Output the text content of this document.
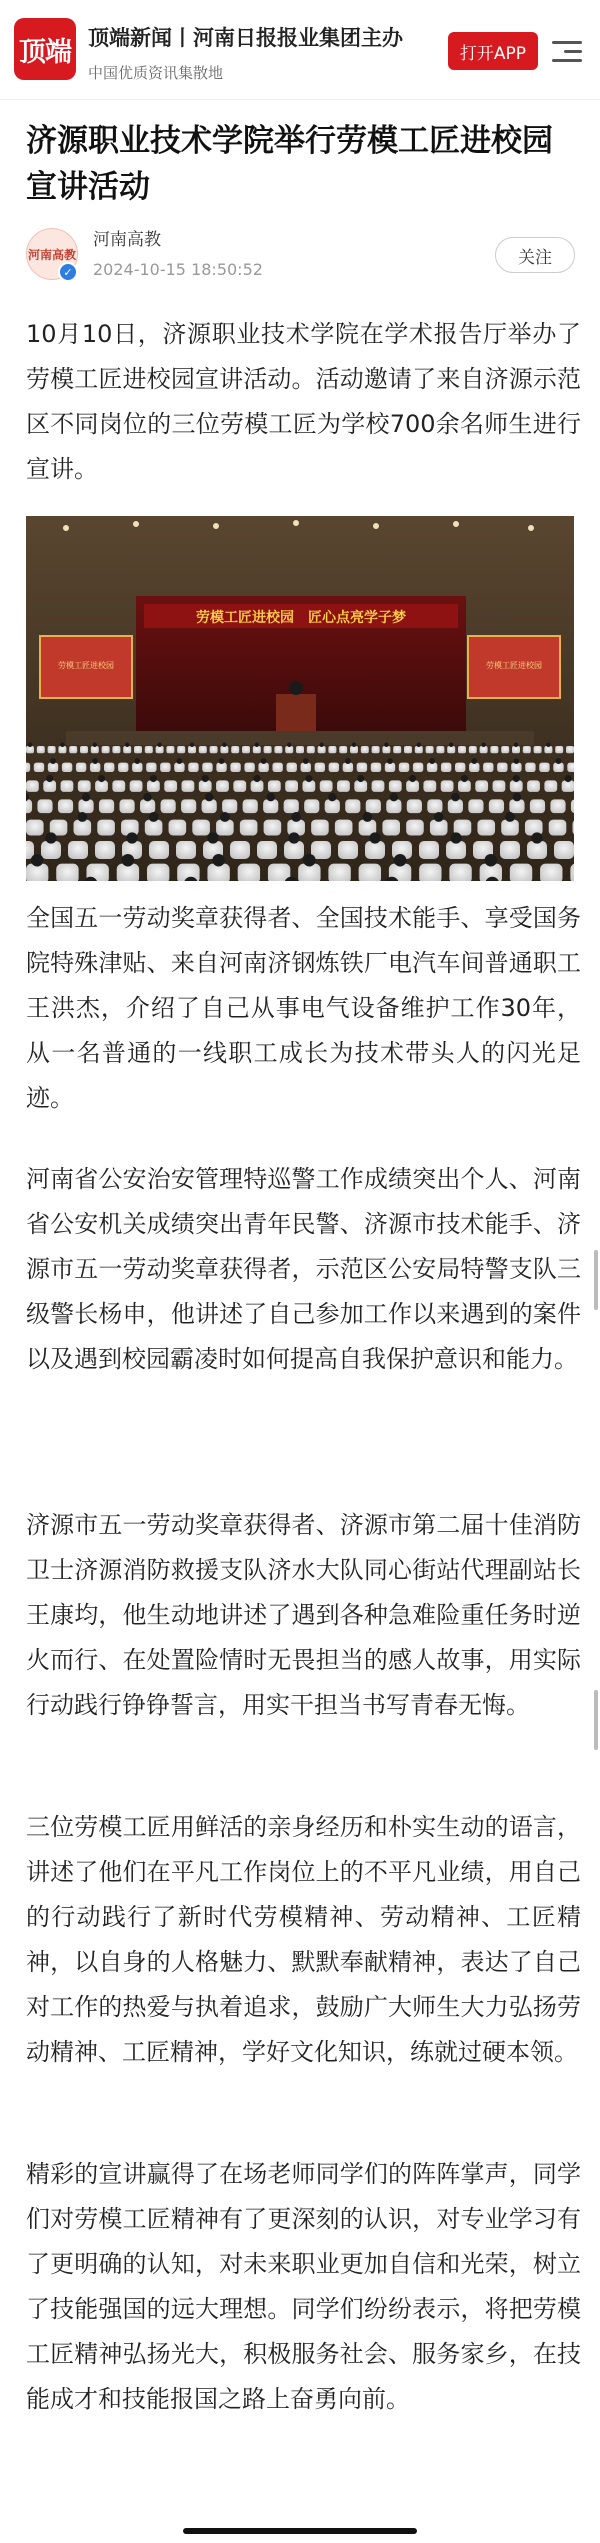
顶端 顶端新闻丨河南日报报业集团主办
中国优质资讯集散地
打开APP
济源职业技术学院举行劳模工匠进校园宣讲活动
河南高教
✓
河南高教
2024-10-15 18:50:52
关注

10月10日，济源职业技术学院在学术报告厅举办了劳模工匠进校园宣讲活动。活动邀请了来自济源示范区不同岗位的三位劳模工匠为学校700余名师生进行宣讲。

劳模工匠进校园　匠心点亮学子梦
劳模工匠进校园	劳模工匠进校园

全国五一劳动奖章获得者、全国技术能手、享受国务院特殊津贴、来自河南济钢炼铁厂电汽车间普通职工王洪杰，介绍了自己从事电气设备维护工作30年，从一名普通的一线职工成长为技术带头人的闪光足迹。

河南省公安治安管理特巡警工作成绩突出个人、河南省公安机关成绩突出青年民警、济源市技术能手、济源市五一劳动奖章获得者，示范区公安局特警支队三级警长杨申，他讲述了自己参加工作以来遇到的案件以及遇到校园霸凌时如何提高自我保护意识和能力。

济源市五一劳动奖章获得者、济源市第二届十佳消防卫士济源消防救援支队济水大队同心街站代理副站长王康均，他生动地讲述了遇到各种急难险重任务时逆火而行、在处置险情时无畏担当的感人故事，用实际行动践行铮铮誓言，用实干担当书写青春无悔。

三位劳模工匠用鲜活的亲身经历和朴实生动的语言，讲述了他们在平凡工作岗位上的不平凡业绩，用自己的行动践行了新时代劳模精神、劳动精神、工匠精神，以自身的人格魅力、默默奉献精神，表达了自己对工作的热爱与执着追求，鼓励广大师生大力弘扬劳动精神、工匠精神，学好文化知识，练就过硬本领。

精彩的宣讲赢得了在场老师同学们的阵阵掌声，同学们对劳模工匠精神有了更深刻的认识，对专业学习有了更明确的认知，对未来职业更加自信和光荣，树立了技能强国的远大理想。同学们纷纷表示，将把劳模工匠精神弘扬光大，积极服务社会、服务家乡，在技能成才和技能报国之路上奋勇向前。
